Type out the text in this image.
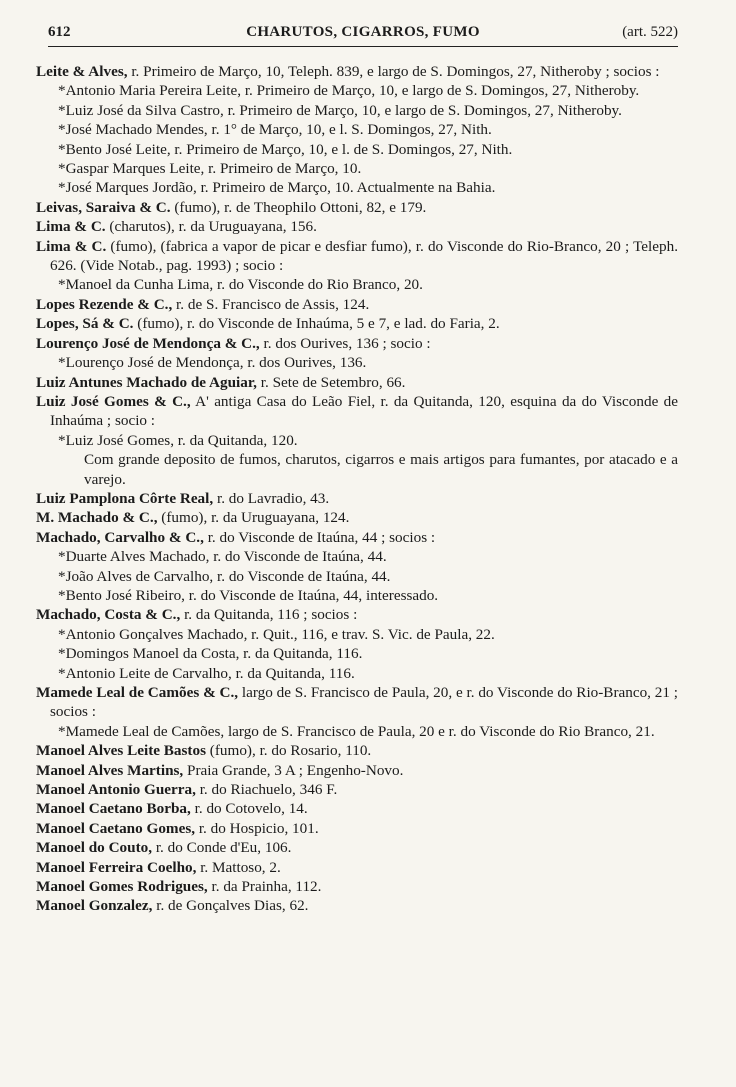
612	CHARUTOS, CIGARROS, FUMO	(art. 522)

Leite & Alves, r. Primeiro de Março, 10, Teleph. 839, e largo de S. Domingos, 27, Nitheroby ; socios :

*Antonio Maria Pereira Leite, r. Primeiro de Março, 10, e largo de S. Domingos, 27, Nitheroby.

*Luiz José da Silva Castro, r. Primeiro de Março, 10, e largo de S. Domingos, 27, Nitheroby.

*José Machado Mendes, r. 1° de Março, 10, e l. S. Domingos, 27, Nith.

*Bento José Leite, r. Primeiro de Março, 10, e l. de S. Domingos, 27, Nith.

*Gaspar Marques Leite, r. Primeiro de Março, 10.

*José Marques Jordão, r. Primeiro de Março, 10. Actualmente na Bahia.

Leivas, Saraiva & C. (fumo), r. de Theophilo Ottoni, 82, e 179.

Lima & C. (charutos), r. da Uruguayana, 156.

Lima & C. (fumo), (fabrica a vapor de picar e desfiar fumo), r. do Visconde do Rio-Branco, 20 ; Teleph. 626. (Vide Notab., pag. 1993) ; socio :

*Manoel da Cunha Lima, r. do Visconde do Rio Branco, 20.

Lopes Rezende & C., r. de S. Francisco de Assis, 124.

Lopes, Sá & C. (fumo), r. do Visconde de Inhaúma, 5 e 7, e lad. do Faria, 2.

Lourenço José de Mendonça & C., r. dos Ourives, 136 ; socio :

*Lourenço José de Mendonça, r. dos Ourives, 136.

Luiz Antunes Machado de Aguiar, r. Sete de Setembro, 66.

Luiz José Gomes & C., A' antiga Casa do Leão Fiel, r. da Quitanda, 120, esquina da do Visconde de Inhaúma ; socio :

*Luiz José Gomes, r. da Quitanda, 120.

Com grande deposito de fumos, charutos, cigarros e mais artigos para fumantes, por atacado e a varejo.

Luiz Pamplona Côrte Real, r. do Lavradio, 43.

M. Machado & C., (fumo), r. da Uruguayana, 124.

Machado, Carvalho & C., r. do Visconde de Itaúna, 44 ; socios :

*Duarte Alves Machado, r. do Visconde de Itaúna, 44.

*João Alves de Carvalho, r. do Visconde de Itaúna, 44.

*Bento José Ribeiro, r. do Visconde de Itaúna, 44, interessado.

Machado, Costa & C., r. da Quitanda, 116 ; socios :

*Antonio Gonçalves Machado, r. Quit., 116, e trav. S. Vic. de Paula, 22.

*Domingos Manoel da Costa, r. da Quitanda, 116.

*Antonio Leite de Carvalho, r. da Quitanda, 116.

Mamede Leal de Camões & C., largo de S. Francisco de Paula, 20, e r. do Visconde do Rio-Branco, 21 ; socios :

*Mamede Leal de Camões, largo de S. Francisco de Paula, 20 e r. do Visconde do Rio Branco, 21.

Manoel Alves Leite Bastos (fumo), r. do Rosario, 110.

Manoel Alves Martins, Praia Grande, 3 A ; Engenho-Novo.

Manoel Antonio Guerra, r. do Riachuelo, 346 F.

Manoel Caetano Borba, r. do Cotovelo, 14.

Manoel Caetano Gomes, r. do Hospicio, 101.

Manoel do Couto, r. do Conde d'Eu, 106.

Manoel Ferreira Coelho, r. Mattoso, 2.

Manoel Gomes Rodrigues, r. da Prainha, 112.

Manoel Gonzalez, r. de Gonçalves Dias, 62.
